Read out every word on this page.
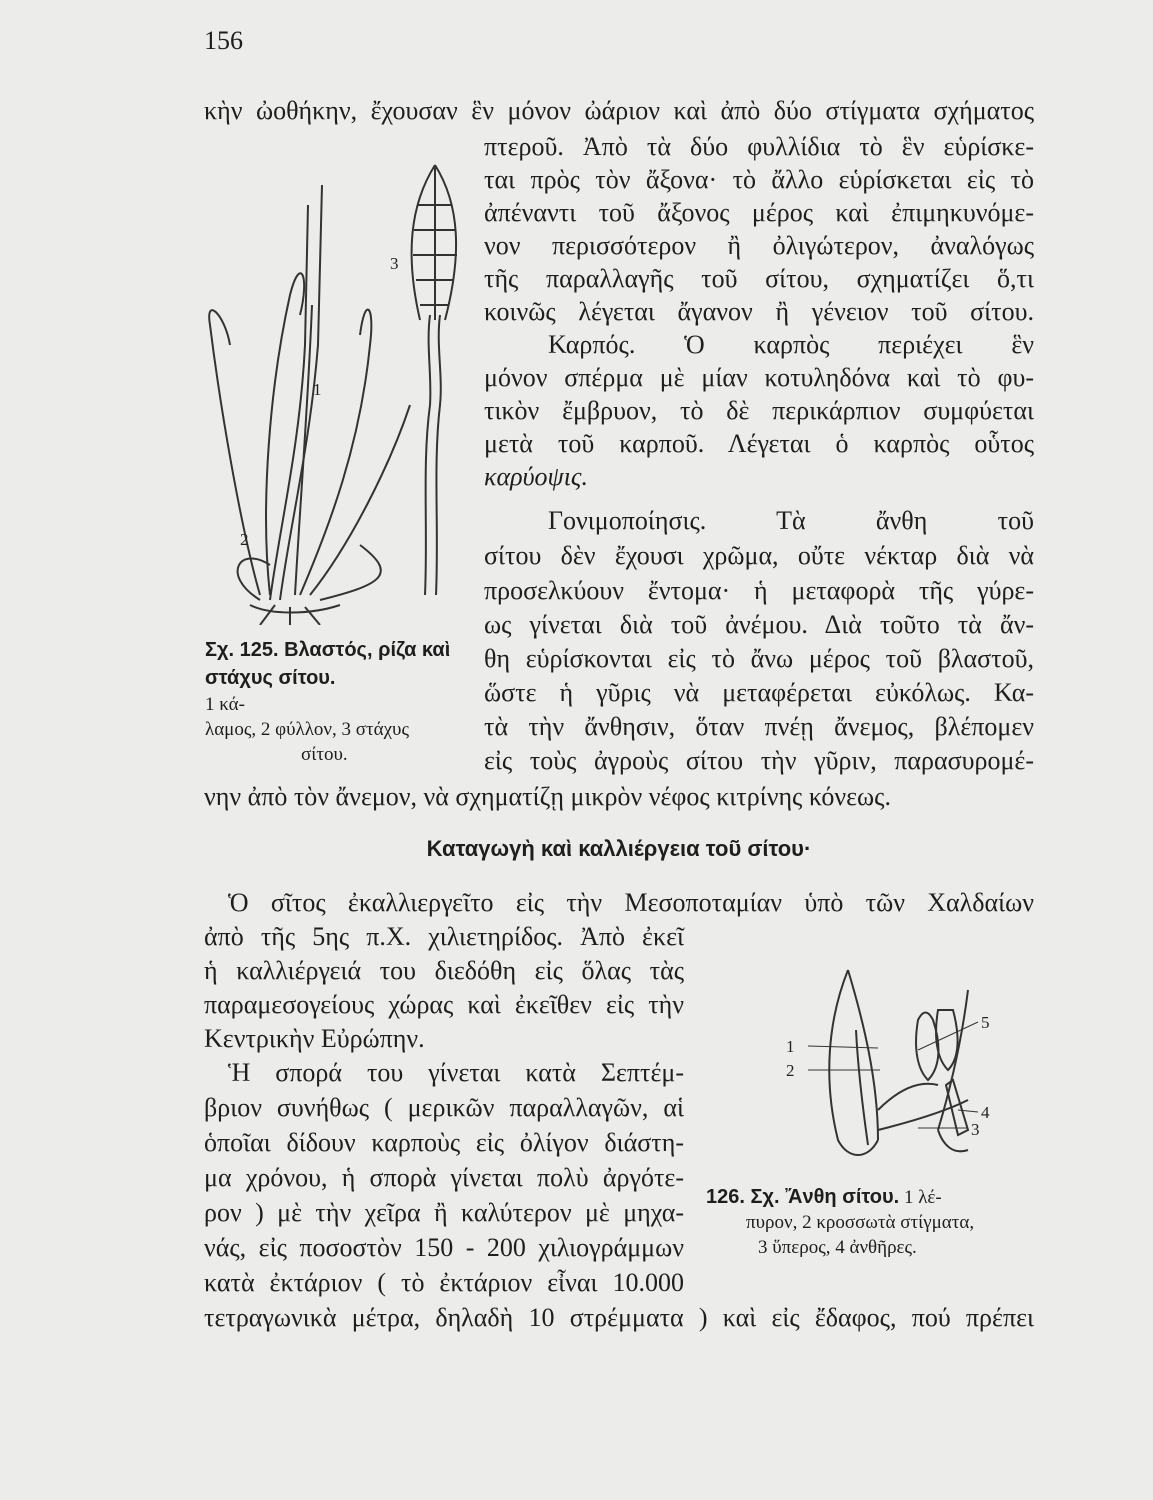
156
κὴν ὠοθήκην, ἔχουσαν ἓν μόνον ὠάριον καὶ ἀπὸ δύο στίγματα σχήματος
πτεροῦ. Ἀπὸ τὰ δύο φυλλίδια τὸ ἓν εὑρίσκε-
ται πρὸς τὸν ἄξονα· τὸ ἄλλο εὑρίσκεται εἰς τὸ
ἀπέναντι τοῦ ἄξονος μέρος καὶ ἐπιμηκυνόμε-
νον περισσότερον ἢ ὀλιγώτερον, ἀναλόγως
τῆς παραλλαγῆς τοῦ σίτου, σχηματίζει ὅ,τι
κοινῶς λέγεται ἄγανον ἢ γένειον τοῦ σίτου.
Καρπός. Ὁ καρπὸς περιέχει ἓν
μόνον σπέρμα μὲ μίαν κοτυληδόνα καὶ τὸ φυ-
τικὸν ἔμβρυον, τὸ δὲ περικάρπιον συμφύεται
μετὰ τοῦ καρποῦ. Λέγεται ὁ καρπὸς οὗτος
καρύοψις.
Γονιμοποίησις. Τὰ ἄνθη τοῦ
σίτου δὲν ἔχουσι χρῶμα, οὔτε νέκταρ διὰ νὰ
προσελκύουν ἔντομα· ἡ μεταφορὰ τῆς γύρε-
ως γίνεται διὰ τοῦ ἀνέμου. Διὰ τοῦτο τὰ ἄν-
θη εὑρίσκονται εἰς τὸ ἄνω μέρος τοῦ βλαστοῦ,
ὥστε ἡ γῦρις νὰ μεταφέρεται εὐκόλως. Κα-
τὰ τὴν ἄνθησιν, ὅταν πνέῃ ἄνεμος, βλέπομεν
εἰς τοὺς ἀγροὺς σίτου τὴν γῦριν, παρασυρομέ-
νην ἀπὸ τὸν ἄνεμον, νὰ σχηματίζῃ μικρὸν νέφος κιτρίνης κόνεως.
Καταγωγὴ καὶ καλλιέργεια τοῦ σίτου·
Ὁ σῖτος ἐκαλλιεργεῖτο εἰς τὴν Μεσοποταμίαν ὑπὸ τῶν Χαλδαίων
ἀπὸ τῆς 5ης π.Χ. χιλιετηρίδος. Ἀπὸ ἐκεῖ
ἡ καλλιέργειά του διεδόθη εἰς ὅλας τὰς
παραμεσογείους χώρας καὶ ἐκεῖθεν εἰς τὴν
Κεντρικὴν Εὐρώπην.
Ἡ σπορά του γίνεται κατὰ Σεπτέμ-
βριον συνήθως ( μερικῶν παραλλαγῶν, αἱ
ὁποῖαι δίδουν καρποὺς εἰς ὀλίγον διάστη-
μα χρόνου, ἡ σπορὰ γίνεται πολὺ ἀργότε-
ρον ) μὲ τὴν χεῖρα ἢ καλύτερον μὲ μηχα-
νάς, εἰς ποσοστὸν 150 - 200 χιλιογράμμων
κατὰ ἐκτάριον ( τὸ ἐκτάριον εἶναι 10.000
τετραγωνικὰ μέτρα, δηλαδὴ 10 στρέμματα ) καὶ εἰς ἔδαφος, πού πρέπει
3
1
2
Σχ. 125. Βλαστός, ρίζα καὶ στάχυς σίτου.
1 κά-
λαμος, 2 φύλλον, 3 στάχυς
σίτου.
5
1
2
4
3
126. Σχ. Ἄνθη σίτου. 1 λέ-
πυρον, 2 κροσσωτὰ στίγματα,
3 ὕπερος, 4 ἀνθῆρες.
